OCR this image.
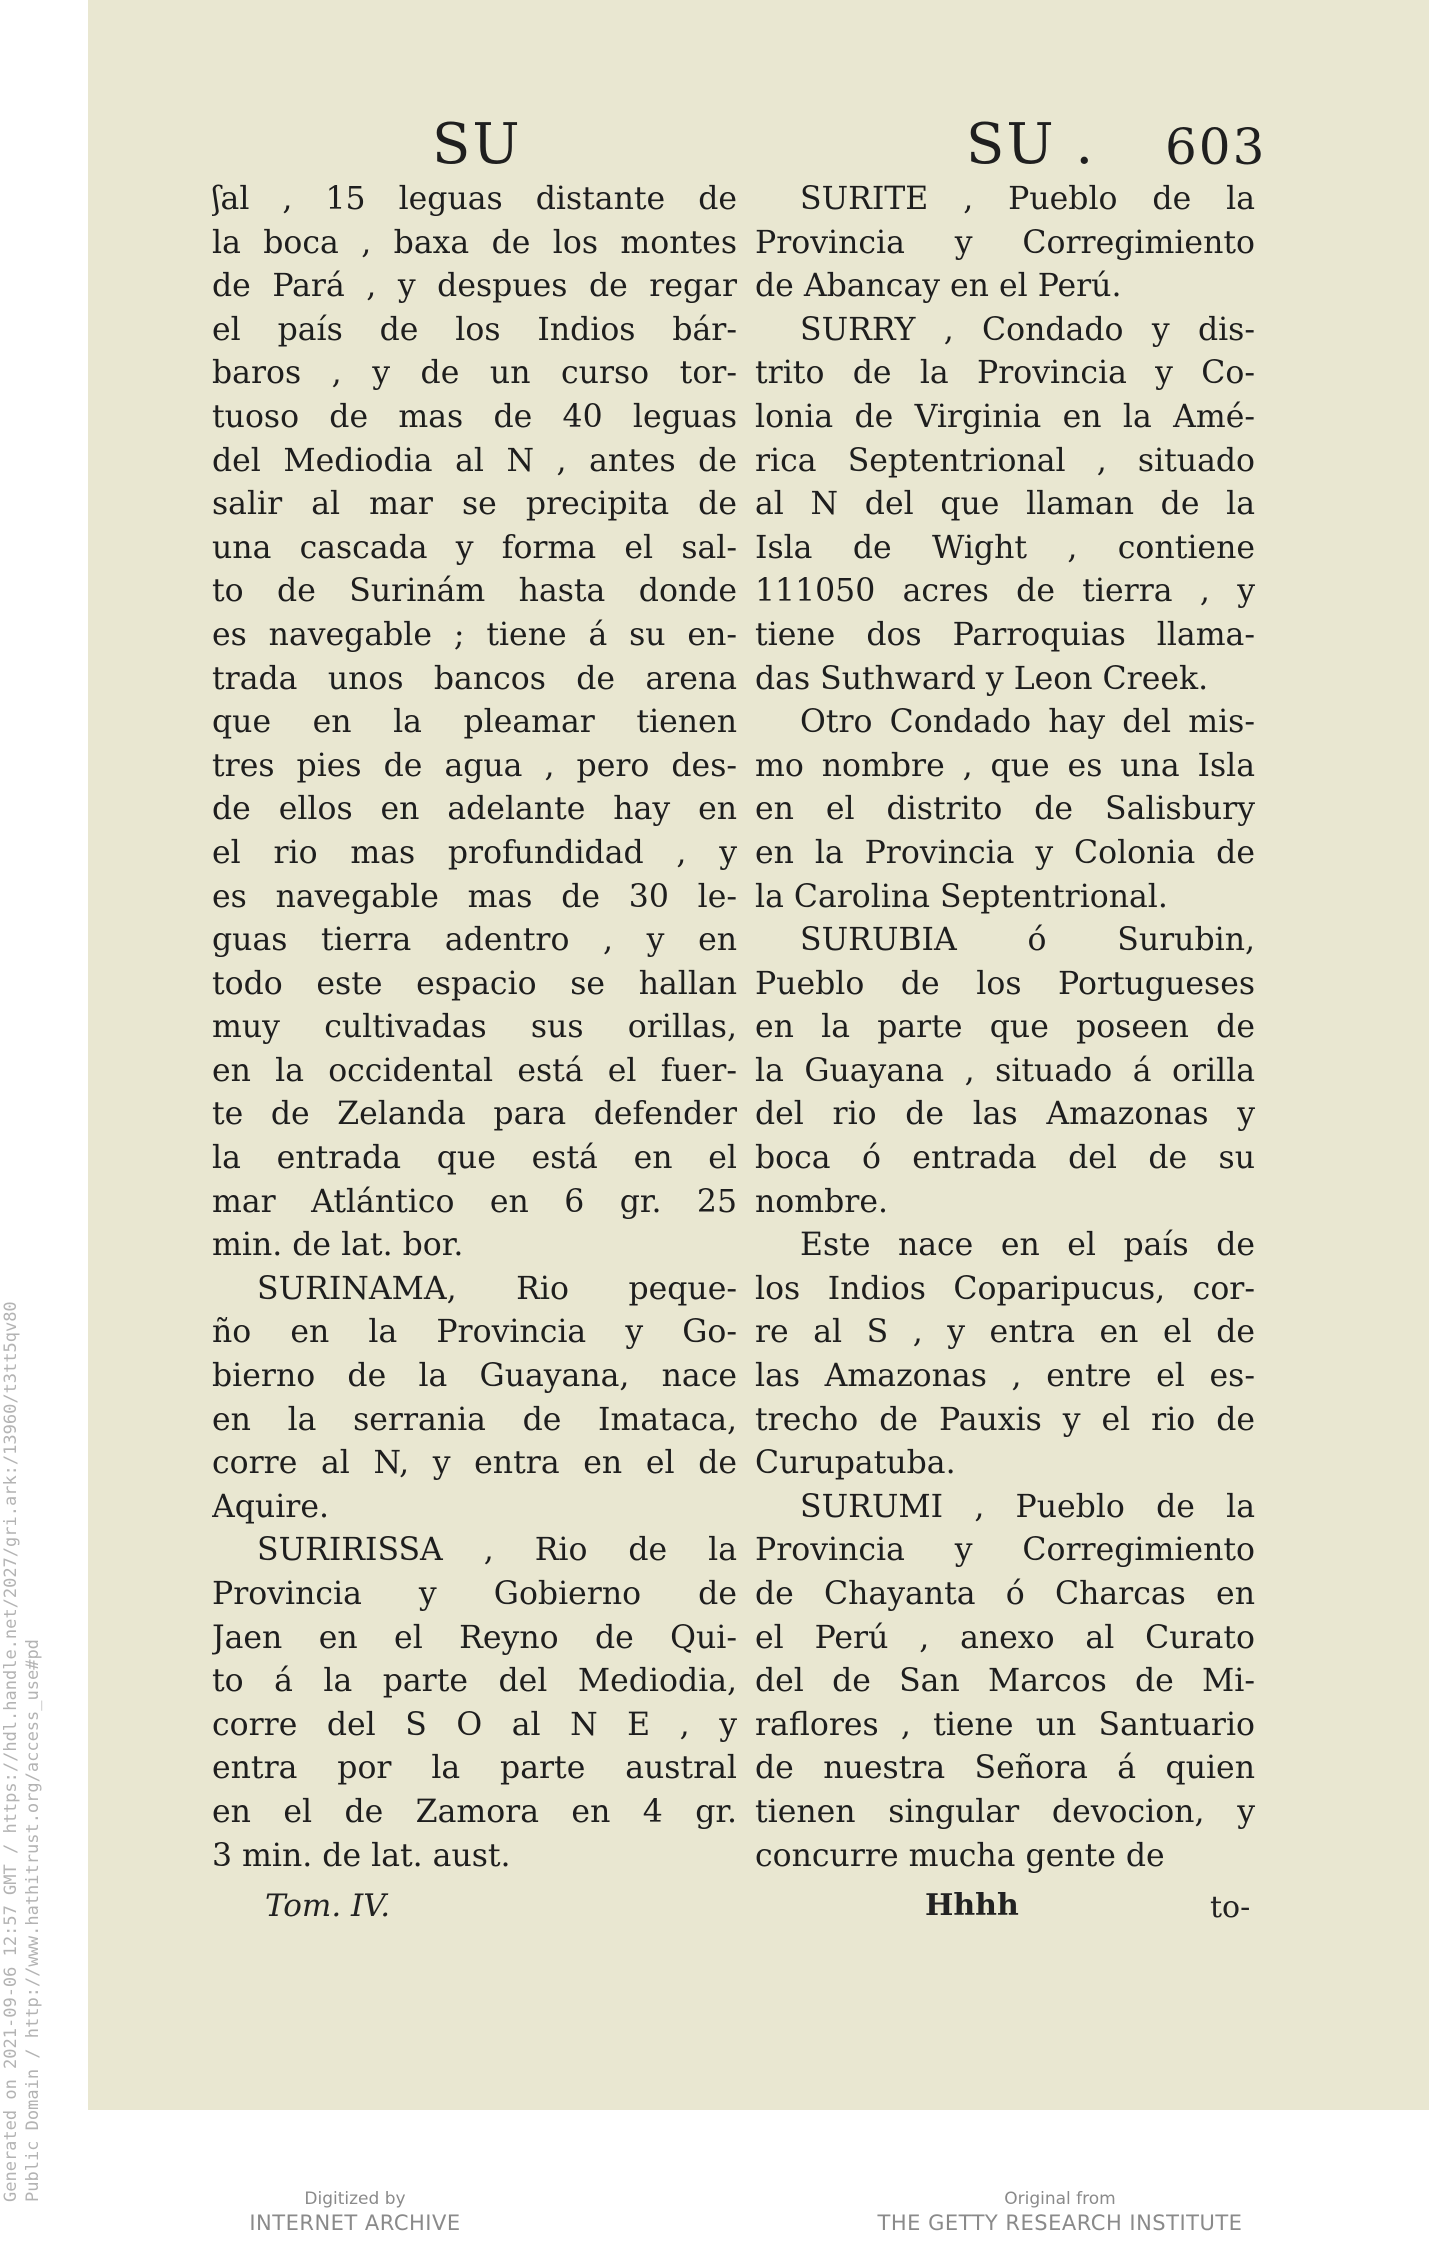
Generated on 2021-09-06 12:57 GMT / https://hdl.handle.net/2027/gri.ark:/13960/t3tt5qv80 Public Domain / http://www.hathitrust.org/access_use#pd
SU	SU . 603
ʃal , 15 leguas distante de
la boca , baxa de los montes
de Pará , y despues de regar
el país de los Indios bár-
baros , y de un curso tor-
tuoso de mas de 40 leguas
del Mediodia al N , antes de
salir al mar se precipita de
una cascada y forma el sal-
to de Surinám hasta donde
es navegable ; tiene á su en-
trada unos bancos de arena
que en la pleamar tienen
tres pies de agua , pero des-
de ellos en adelante hay en
el rio mas profundidad , y
es navegable mas de 30 le-
guas tierra adentro , y en
todo este espacio se hallan
muy cultivadas sus orillas,
en la occidental está el fuer-
te de Zelanda para defender
la entrada que está en el
mar Atlántico en 6 gr. 25
min. de lat. bor.
SURINAMA, Rio peque-
ño en la Provincia y Go-
bierno de la Guayana, nace
en la serrania de Imataca,
corre al N, y entra en el de
Aquire.
SURIRISSA , Rio de la
Provincia y Gobierno de
Jaen en el Reyno de Qui-
to á la parte del Mediodia,
corre del S O al N E , y
entra por la parte austral
en el de Zamora en 4 gr.
3 min. de lat. aust.
SURITE , Pueblo de la
Provincia y Corregimiento
de Abancay en el Perú.
SURRY , Condado y dis-
trito de la Provincia y Co-
lonia de Virginia en la Amé-
rica Septentrional , situado
al N del que llaman de la
Isla de Wight , contiene
111050 acres de tierra , y
tiene dos Parroquias llama-
das Suthward y Leon Creek.
Otro Condado hay del mis-
mo nombre , que es una Isla
en el distrito de Salisbury
en la Provincia y Colonia de
la Carolina Septentrional.
SURUBIA ó Surubin,
Pueblo de los Portugueses
en la parte que poseen de
la Guayana , situado á orilla
del rio de las Amazonas y
boca ó entrada del de su
nombre.
Este nace en el país de
los Indios Coparipucus, cor-
re al S , y entra en el de
las Amazonas , entre el es-
trecho de Pauxis y el rio de
Curupatuba.
SURUMI , Pueblo de la
Provincia y Corregimiento
de Chayanta ó Charcas en
el Perú , anexo al Curato
del de San Marcos de Mi-
raflores , tiene un Santuario
de nuestra Señora á quien
tienen singular devocion, y
concurre mucha gente de
Tom. IV.	Hhhh	to-
Digitized by
INTERNET ARCHIVE
Original from
THE GETTY RESEARCH INSTITUTE
